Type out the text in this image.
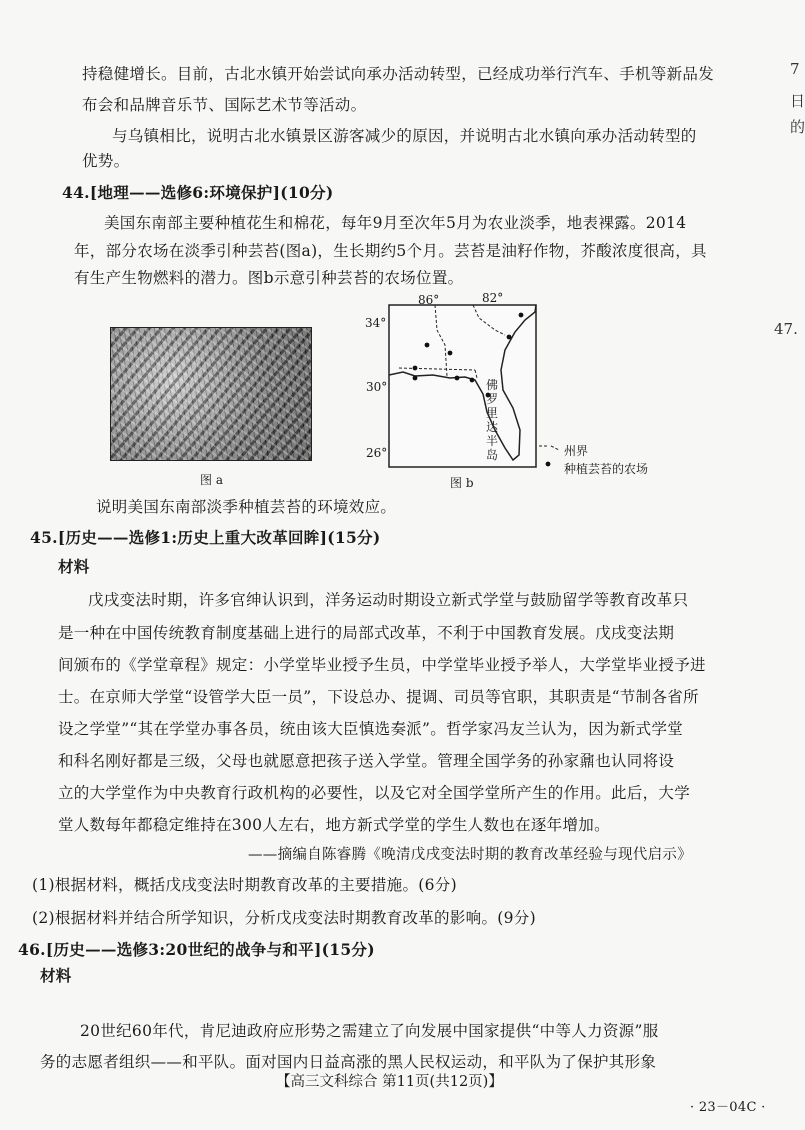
持稳健增长。目前，古北水镇开始尝试向承办活动转型，已经成功举行汽车、手机等新品发
布会和品牌音乐节、国际艺术节等活动。
与乌镇相比，说明古北水镇景区游客减少的原因，并说明古北水镇向承办活动转型的
优势。
44.[地理——选修6:环境保护](10分)
美国东南部主要种植花生和棉花，每年9月至次年5月为农业淡季，地表裸露。2014
年，部分农场在淡季引种芸苔(图a)，生长期约5个月。芸苔是油籽作物，芥酸浓度很高，具
有生产生物燃料的潜力。图b示意引种芸苔的农场位置。
图 a
86°	82°
34°
30°
26°
佛
罗
里
达
半
岛	州界
种植芸苔的农场
图 b
说明美国东南部淡季种植芸苔的环境效应。
45.[历史——选修1:历史上重大改革回眸](15分)
材料
戊戌变法时期，许多官绅认识到，洋务运动时期设立新式学堂与鼓励留学等教育改革只
是一种在中国传统教育制度基础上进行的局部式改革，不利于中国教育发展。戊戌变法期
间颁布的《学堂章程》规定：小学堂毕业授予生员，中学堂毕业授予举人，大学堂毕业授予进
士。在京师大学堂“设管学大臣一员”，下设总办、提调、司员等官职，其职责是“节制各省所
设之学堂”“其在学堂办事各员，统由该大臣慎选奏派”。哲学家冯友兰认为，因为新式学堂
和科名刚好都是三级，父母也就愿意把孩子送入学堂。管理全国学务的孙家鼐也认同将设
立的大学堂作为中央教育行政机构的必要性，以及它对全国学堂所产生的作用。此后，大学
堂人数每年都稳定维持在300人左右，地方新式学堂的学生人数也在逐年增加。
——摘编自陈睿腾《晚清戊戌变法时期的教育改革经验与现代启示》
(1)根据材料，概括戊戌变法时期教育改革的主要措施。(6分)
(2)根据材料并结合所学知识，分析戊戌变法时期教育改革的影响。(9分)
46.[历史——选修3:20世纪的战争与和平](15分)
材料
20世纪60年代，肯尼迪政府应形势之需建立了向发展中国家提供“中等人力资源”服
务的志愿者组织——和平队。面对国内日益高涨的黑人民权运动，和平队为了保护其形象
7
日
的
47.
【高三文科综合 第11页(共12页)】
· 23－04C ·
